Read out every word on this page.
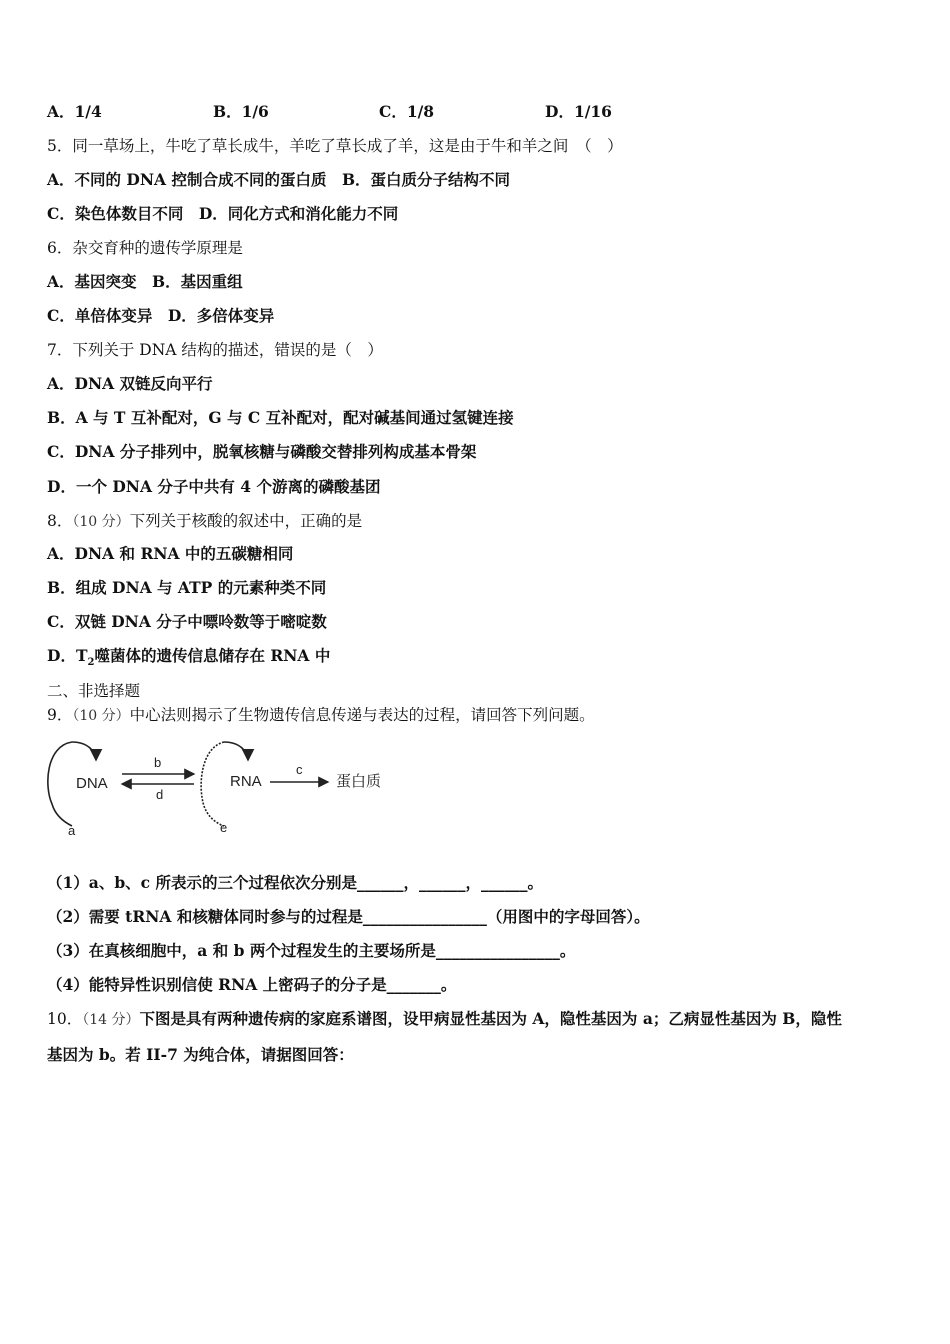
A．1/4	B．1/6	C．1/8	D．1/16
5．同一草场上，牛吃了草长成牛，羊吃了草长成了羊，这是由于牛和羊之间　（　）
A．不同的 DNA 控制合成不同的蛋白质　B．蛋白质分子结构不同
C．染色体数目不同　D．同化方式和消化能力不同
6．杂交育种的遗传学原理是
A．基因突变　B．基因重组
C．单倍体变异　D．多倍体变异
7．下列关于 DNA 结构的描述，错误的是（　）
A．DNA 双链反向平行
B．A 与 T 互补配对，G 与 C 互补配对，配对碱基间通过氢键连接
C．DNA 分子排列中，脱氧核糖与磷酸交替排列构成基本骨架
D．一个 DNA 分子中共有 4 个游离的磷酸基团
8．（10 分）下列关于核酸的叙述中，正确的是
A．DNA 和 RNA 中的五碳糖相同
B．组成 DNA 与 ATP 的元素种类不同
C．双链 DNA 分子中嘌呤数等于嘧啶数
D．$T_2$噬菌体的遗传信息储存在 RNA 中
二、非选择题
9．（10 分）中心法则揭示了生物遗传信息传递与表达的过程，请回答下列问题。
DNA
a
b
d
RNA
e
c
蛋白质
（1）a、b、c 所表示的三个过程依次分别是______，______，______。
（2）需要 tRNA 和核糖体同时参与的过程是________________（用图中的字母回答）。
（3）在真核细胞中，a 和 b 两个过程发生的主要场所是________________。
（4）能特异性识别信使 RNA 上密码子的分子是_______。
10．（14 分）下图是具有两种遗传病的家庭系谱图，设甲病显性基因为 A，隐性基因为 a；乙病显性基因为 B，隐性
基因为 b。若 II-7 为纯合体，请据图回答：
